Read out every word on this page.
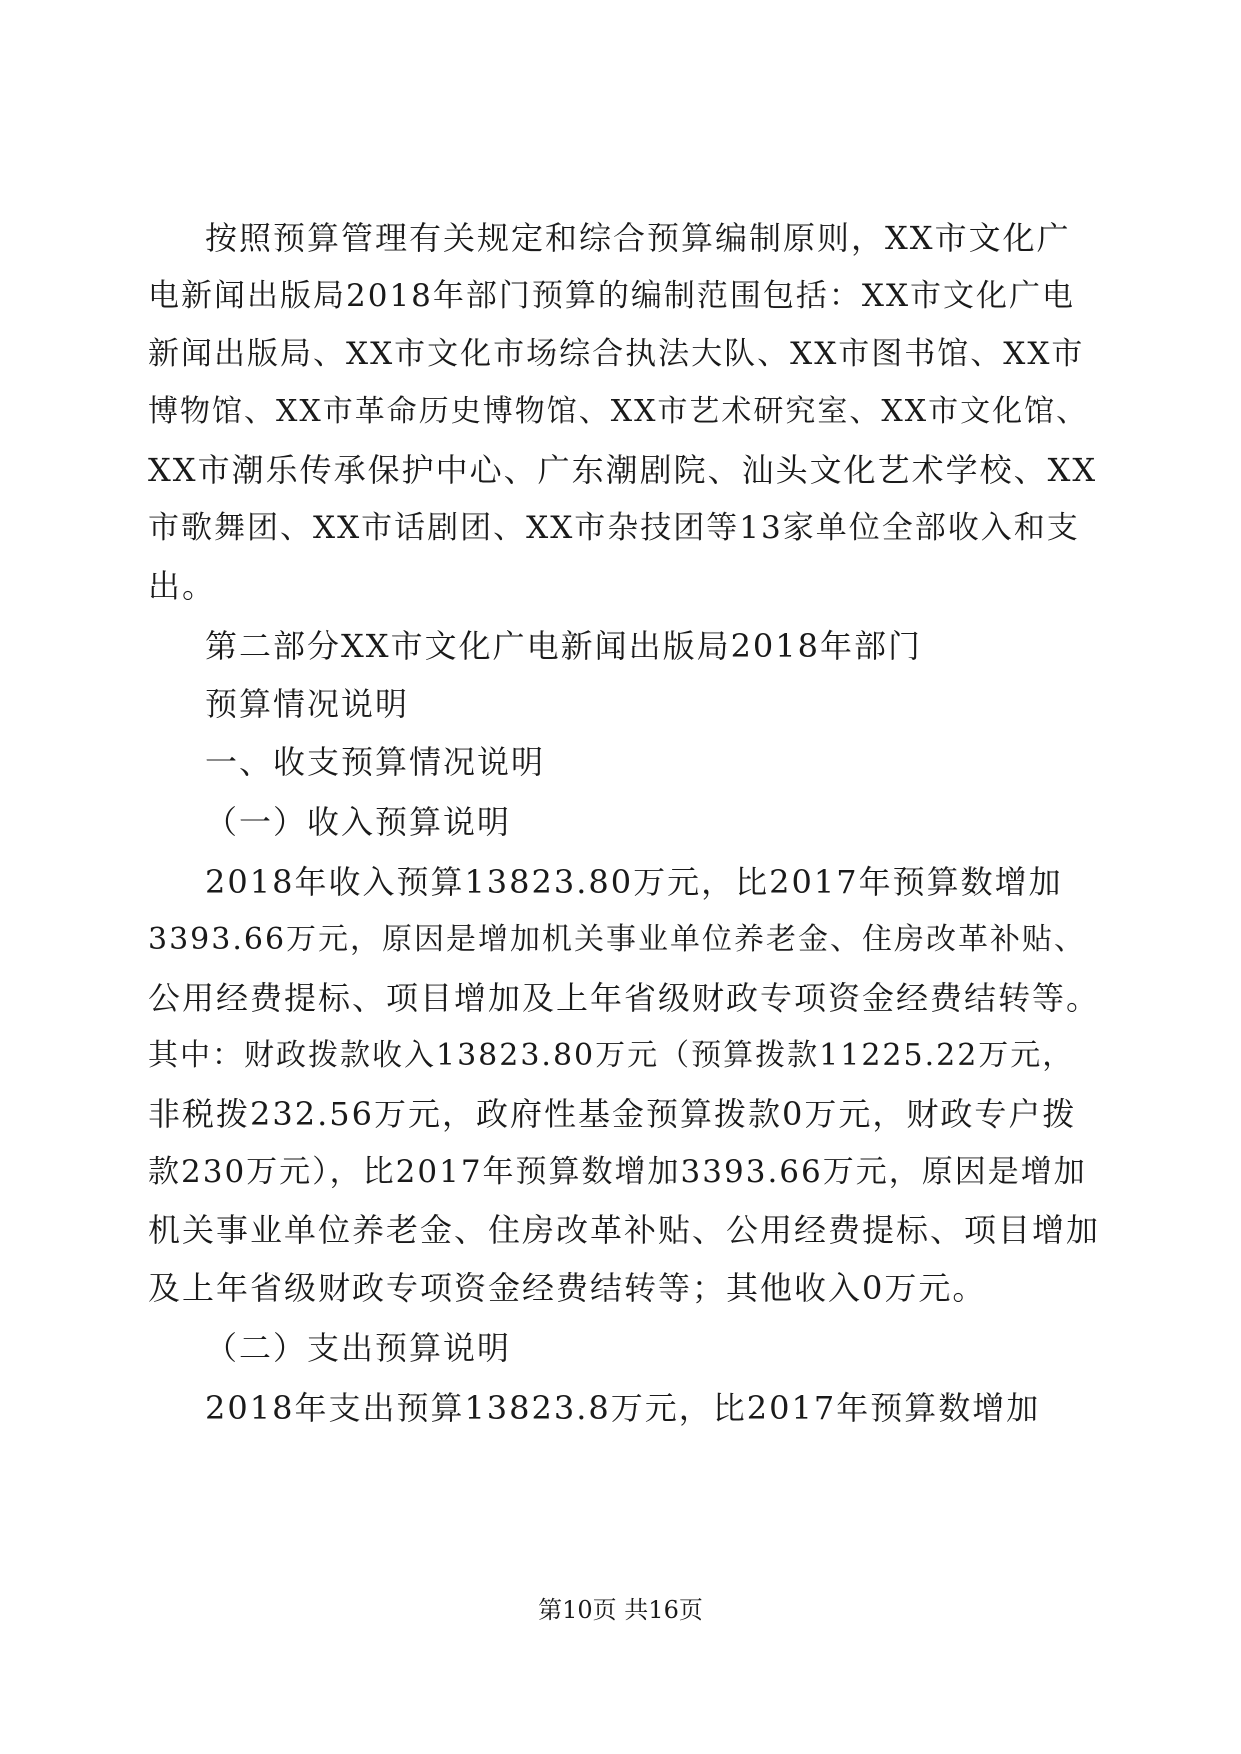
按照预算管理有关规定和综合预算编制原则，XX市文化广
电新闻出版局2018年部门预算的编制范围包括：XX市文化广电
新闻出版局、XX市文化市场综合执法大队、XX市图书馆、XX市
博物馆、XX市革命历史博物馆、XX市艺术研究室、XX市文化馆、
XX市潮乐传承保护中心、广东潮剧院、汕头文化艺术学校、XX
市歌舞团、XX市话剧团、XX市杂技团等13家单位全部收入和支
出。
第二部分XX市文化广电新闻出版局2018年部门
预算情况说明
一、收支预算情况说明
（一）收入预算说明
2018年收入预算13823.80万元，比2017年预算数增加
3393.66万元，原因是增加机关事业单位养老金、住房改革补贴、
公用经费提标、项目增加及上年省级财政专项资金经费结转等。
其中：财政拨款收入13823.80万元（预算拨款11225.22万元，
非税拨232.56万元，政府性基金预算拨款0万元，财政专户拨
款230万元），比2017年预算数增加3393.66万元，原因是增加
机关事业单位养老金、住房改革补贴、公用经费提标、项目增加
及上年省级财政专项资金经费结转等；其他收入0万元。
（二）支出预算说明
2018年支出预算13823.8万元，比2017年预算数增加
第10页 共16页
